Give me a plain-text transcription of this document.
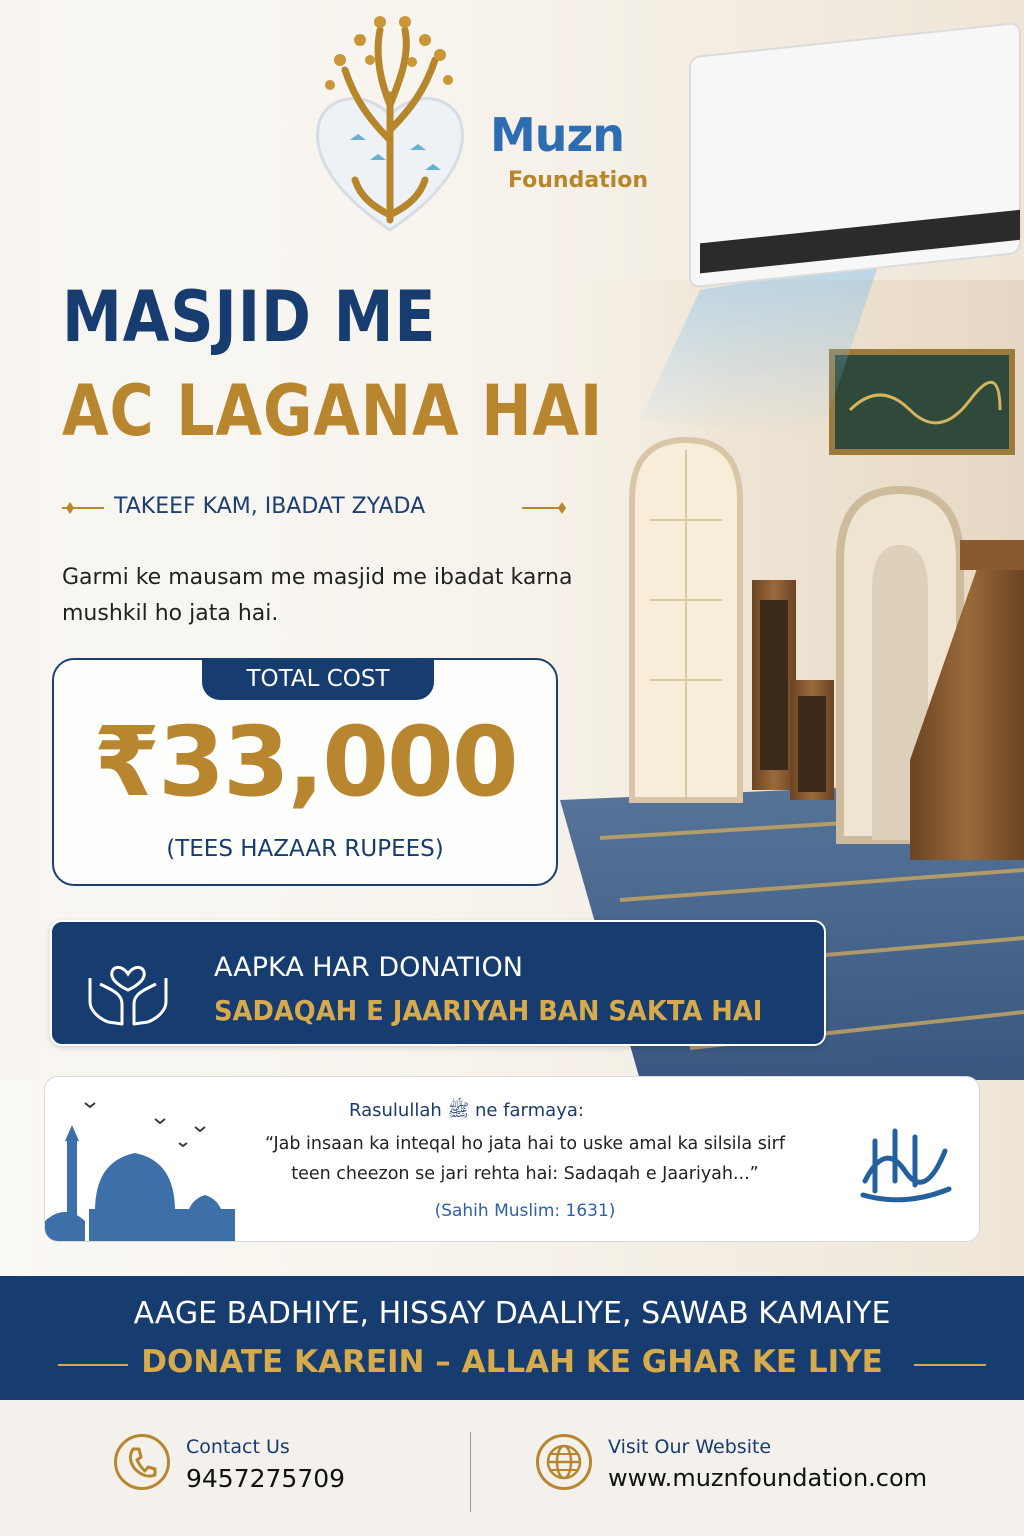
Muzn
Foundation
MASJID ME
AC LAGANA HAI
TAKEEF KAM, IBADAT ZYADA
Garmi ke mausam me masjid me ibadat karna mushkil ho jata hai.
TOTAL COST
₹33,000
(TEES HAZAAR RUPEES)
AAPKA HAR DONATION
SADAQAH E JAARIYAH BAN SAKTA HAI
Rasulullah ﷺ ne farmaya:
“Jab insaan ka inteqal ho jata hai to uske amal ka silsila sirf teen cheezon se jari rehta hai: Sadaqah e Jaariyah...”
(Sahih Muslim: 1631)
AAGE BADHIYE, HISSAY DAALIYE, SAWAB KAMAIYE
DONATE KAREIN – ALLAH KE GHAR KE LIYE
Contact Us
9457275709
Visit Our Website
www.muznfoundation.com
